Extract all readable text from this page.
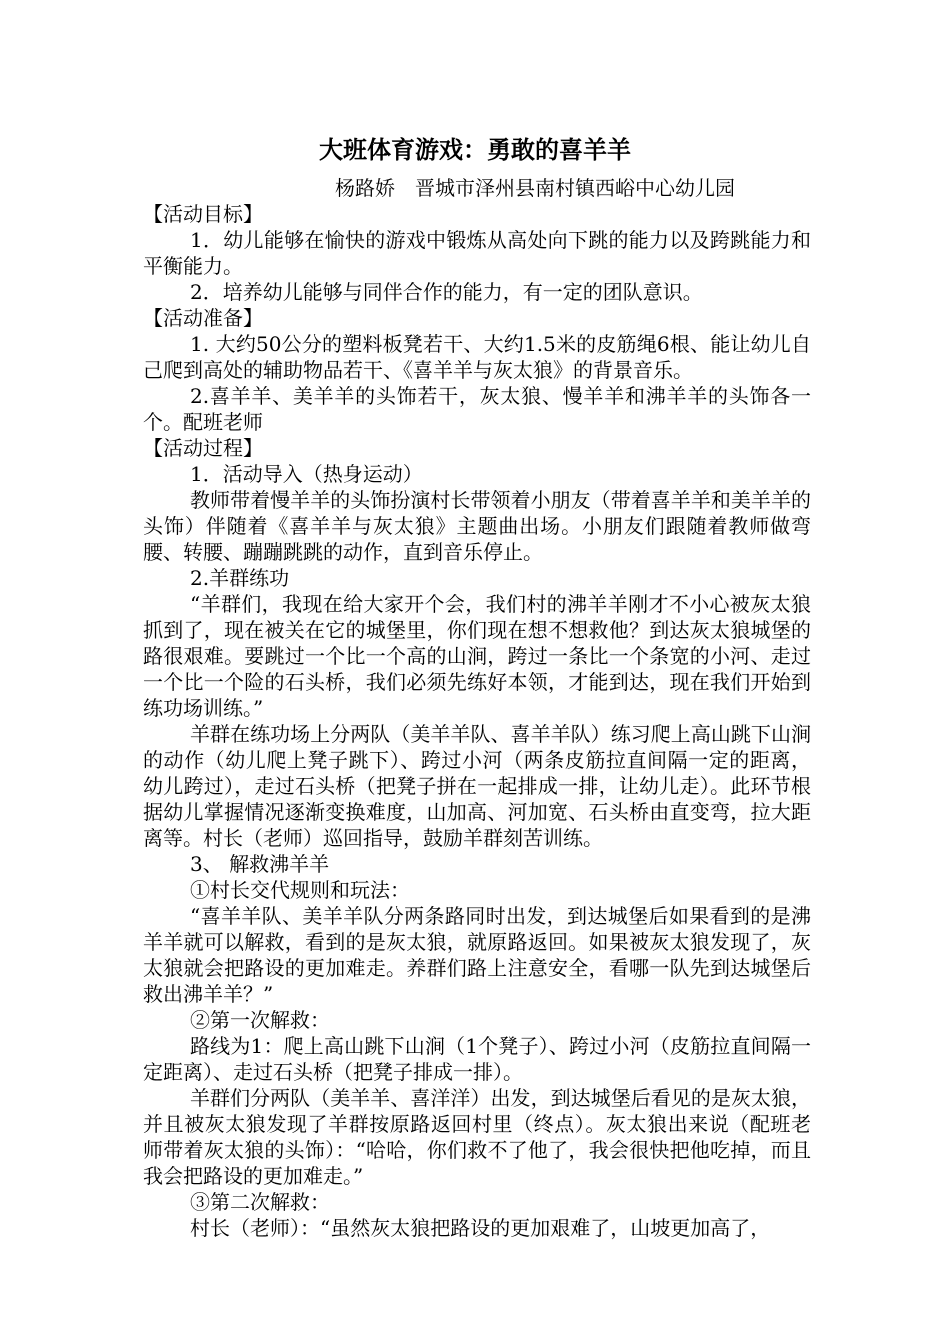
大班体育游戏：勇敢的喜羊羊
杨路娇　晋城市泽州县南村镇西峪中心幼儿园

【活动目标】

1．幼儿能够在愉快的游戏中锻炼从高处向下跳的能力以及跨跳能力和平衡能力。

2．培养幼儿能够与同伴合作的能力，有一定的团队意识。

【活动准备】

1. 大约50公分的塑料板凳若干、大约1.5米的皮筋绳6根、能让幼儿自己爬到高处的辅助物品若干、《喜羊羊与灰太狼》的背景音乐。

2.喜羊羊、美羊羊的头饰若干，灰太狼、慢羊羊和沸羊羊的头饰各一个。配班老师

【活动过程】

1．活动导入（热身运动）

教师带着慢羊羊的头饰扮演村长带领着小朋友（带着喜羊羊和美羊羊的头饰）伴随着《喜羊羊与灰太狼》主题曲出场。小朋友们跟随着教师做弯腰、转腰、蹦蹦跳跳的动作，直到音乐停止。

2.羊群练功

“羊群们，我现在给大家开个会，我们村的沸羊羊刚才不小心被灰太狼抓到了，现在被关在它的城堡里，你们现在想不想救他？到达灰太狼城堡的路很艰难。要跳过一个比一个高的山涧，跨过一条比一个条宽的小河、走过一个比一个险的石头桥，我们必须先练好本领，才能到达，现在我们开始到练功场训练。”

羊群在练功场上分两队（美羊羊队、喜羊羊队）练习爬上高山跳下山涧的动作（幼儿爬上凳子跳下）、跨过小河（两条皮筋拉直间隔一定的距离，幼儿跨过），走过石头桥（把凳子拼在一起排成一排，让幼儿走）。此环节根据幼儿掌握情况逐渐变换难度，山加高、河加宽、石头桥由直变弯，拉大距离等。村长（老师）巡回指导，鼓励羊群刻苦训练。

3、 解救沸羊羊

①村长交代规则和玩法：

“喜羊羊队、美羊羊队分两条路同时出发，到达城堡后如果看到的是沸羊羊就可以解救，看到的是灰太狼，就原路返回。如果被灰太狼发现了，灰太狼就会把路设的更加难走。养群们路上注意安全，看哪一队先到达城堡后救出沸羊羊？”

②第一次解救：

路线为1：爬上高山跳下山涧（1个凳子）、跨过小河（皮筋拉直间隔一定距离）、走过石头桥（把凳子排成一排）。

羊群们分两队（美羊羊、喜洋洋）出发，到达城堡后看见的是灰太狼，并且被灰太狼发现了羊群按原路返回村里（终点）。灰太狼出来说（配班老师带着灰太狼的头饰）：“哈哈，你们救不了他了，我会很快把他吃掉，而且我会把路设的更加难走。”

③第二次解救：

村长（老师）：“虽然灰太狼把路设的更加艰难了，山坡更加高了，
